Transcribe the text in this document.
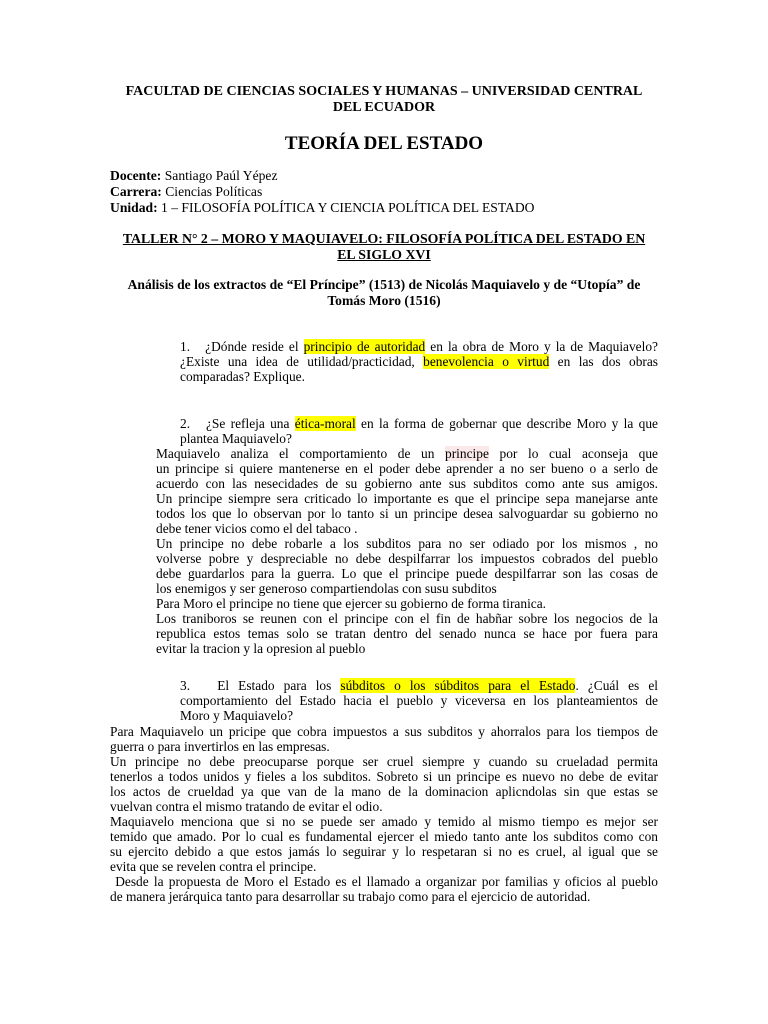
FACULTAD DE CIENCIAS SOCIALES Y HUMANAS – UNIVERSIDAD CENTRAL
DEL ECUADOR
TEORÍA DEL ESTADO
Docente: Santiago Paúl Yépez
Carrera: Ciencias Políticas
Unidad: 1 – FILOSOFÍA POLÍTICA Y CIENCIA POLÍTICA DEL ESTADO
TALLER N° 2 – MORO Y MAQUIAVELO: FILOSOFÍA POLÍTICA DEL ESTADO EN
EL SIGLO XVI
Análisis de los extractos de “El Príncipe” (1513) de Nicolás Maquiavelo y de “Utopía” de
Tomás Moro (1516)
1. ¿Dónde reside el principio de autoridad en la obra de Moro y la de Maquiavelo?
¿Existe una idea de utilidad/practicidad, benevolencia o virtud en las dos obras
comparadas? Explique.
2. ¿Se refleja una ética-moral en la forma de gobernar que describe Moro y la que
plantea Maquiavelo?
Maquiavelo analiza el comportamiento de un principe por lo cual aconseja que
un principe si quiere mantenerse en el poder debe aprender a no ser bueno o a serlo de
acuerdo con las nesecidades de su gobierno ante sus subditos como ante sus amigos.
Un principe siempre sera criticado lo importante es que el principe sepa manejarse ante
todos los que lo observan por lo tanto si un principe desea salvoguardar su gobierno no
debe tener vicios como el del tabaco .
Un principe no debe robarle a los subditos para no ser odiado por los mismos , no
volverse pobre y despreciable no debe despilfarrar los impuestos cobrados del pueblo
debe guardarlos para la guerra. Lo que el principe puede despilfarrar son las cosas de
los enemigos y ser generoso compartiendolas con susu subditos
Para Moro el principe no tiene que ejercer su gobierno de forma tiranica.
Los traniboros se reunen con el principe con el fin de habñar sobre los negocios de la
republica estos temas solo se tratan dentro del senado nunca se hace por fuera para
evitar la tracion y la opresion al pueblo
3. El Estado para los súbditos o los súbditos para el Estado. ¿Cuál es el
comportamiento del Estado hacia el pueblo y viceversa en los planteamientos de
Moro y Maquiavelo?
Para Maquiavelo un pricipe que cobra impuestos a sus subditos y ahorralos para los tiempos de
guerra o para invertirlos en las empresas.
Un principe no debe preocuparse porque ser cruel siempre y cuando su crueladad permita
tenerlos a todos unidos y fieles a los subditos. Sobreto si un principe es nuevo no debe de evitar
los actos de crueldad ya que van de la mano de la dominacion aplicndolas sin que estas se
vuelvan contra el mismo tratando de evitar el odio.
Maquiavelo menciona que si no se puede ser amado y temido al mismo tiempo es mejor ser
temido que amado. Por lo cual es fundamental ejercer el miedo tanto ante los subditos como con
su ejercito debido a que estos jamás lo seguirar y lo respetaran si no es cruel, al igual que se
evita que se revelen contra el principe.
Desde la propuesta de Moro el Estado es el llamado a organizar por familias y oficios al pueblo
de manera jerárquica tanto para desarrollar su trabajo como para el ejercicio de autoridad.
